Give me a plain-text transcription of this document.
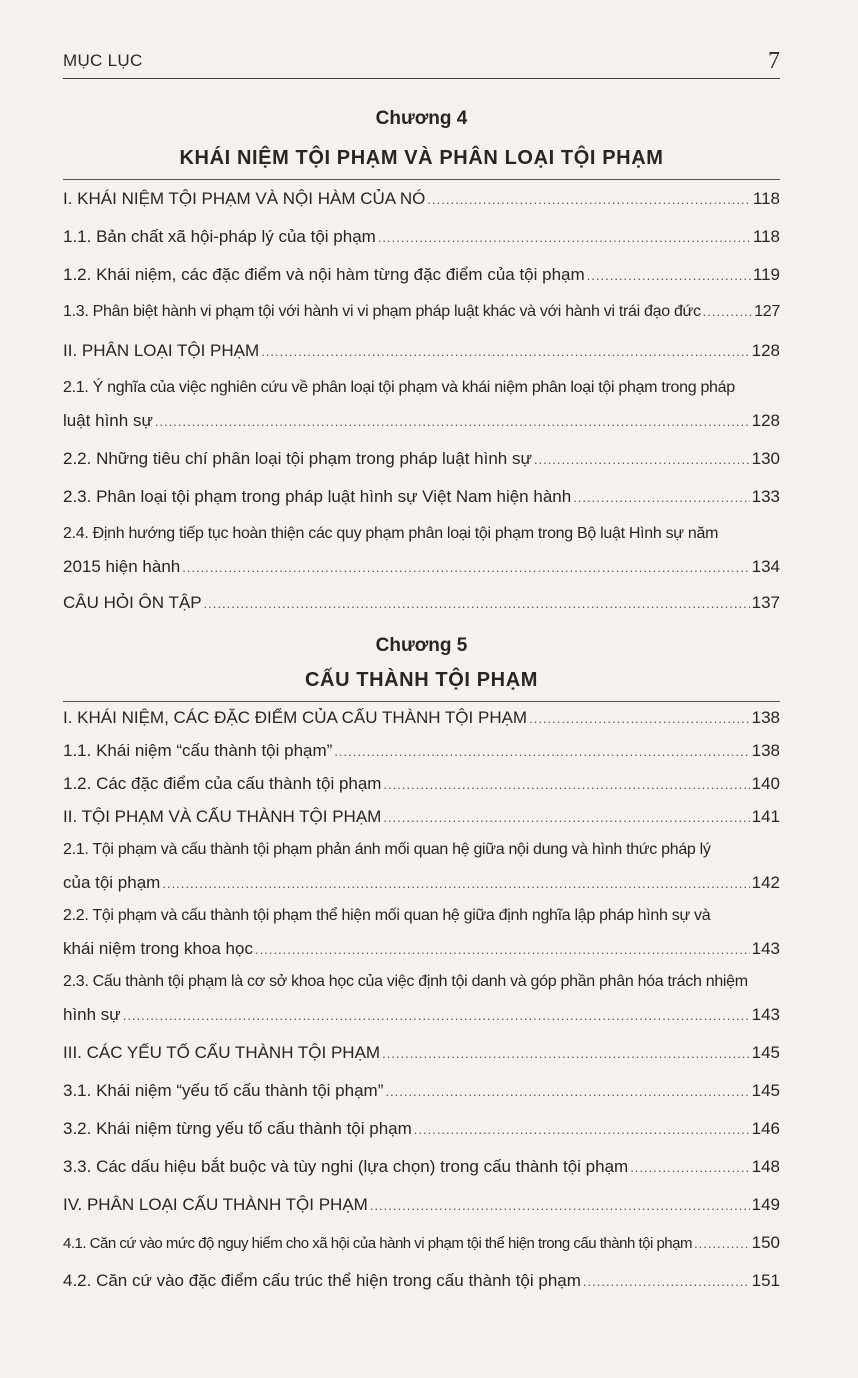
MỤC LỤC	7
Chương 4
KHÁI NIỆM TỘI PHẠM VÀ PHÂN LOẠI TỘI PHẠM
I. KHÁI NIỆM TỘI PHẠM VÀ NỘI HÀM CỦA NÓ .....	118
1.1. Bản chất xã hội-pháp lý của tội phạm .....	118
1.2. Khái niệm, các đặc điểm và nội hàm từng đặc điểm của tội phạm .....	119
1.3. Phân biệt hành vi phạm tội với hành vi vi phạm pháp luật khác và với hành vi trái đạo đức .....	127
II. PHÂN LOẠI TỘI PHẠM .....	128
2.1. Ý nghĩa của việc nghiên cứu về phân loại tội phạm và khái niệm phân loại tội phạm trong pháp
luật hình sự .....	128
2.2. Những tiêu chí phân loại tội phạm trong pháp luật hình sự .....	130
2.3. Phân loại tội phạm trong pháp luật hình sự Việt Nam hiện hành .....	133
2.4. Định hướng tiếp tục hoàn thiện các quy phạm phân loại tội phạm trong Bộ luật Hình sự năm
2015 hiện hành .....	134
CÂU HỎI ÔN TẬP .....	137
Chương 5
CẤU THÀNH TỘI PHẠM
I. KHÁI NIỆM, CÁC ĐẶC ĐIỂM CỦA CẤU THÀNH TỘI PHẠM .....	138
1.1. Khái niệm “cấu thành tội phạm” .....	138
1.2. Các đặc điểm của cấu thành tội phạm .....	140
II. TỘI PHẠM VÀ CẤU THÀNH TỘI PHẠM .....	141
2.1. Tội phạm và cấu thành tội phạm phản ánh mối quan hệ giữa nội dung và hình thức pháp lý
của tội phạm .....	142
2.2. Tội phạm và cấu thành tội phạm thể hiện mối quan hệ giữa định nghĩa lập pháp hình sự và
khái niệm trong khoa học .....	143
2.3. Cấu thành tội phạm là cơ sở khoa học của việc định tội danh và góp phần phân hóa trách nhiệm
hình sự .....	143
III. CÁC YẾU TỐ CẤU THÀNH TỘI PHẠM .....	145
3.1. Khái niệm “yếu tố cấu thành tội phạm” .....	145
3.2. Khái niệm từng yếu tố cấu thành tội phạm .....	146
3.3. Các dấu hiệu bắt buộc và tùy nghi (lựa chọn) trong cấu thành tội phạm .....	148
IV. PHÂN LOẠI CẤU THÀNH TỘI PHẠM .....	149
4.1. Căn cứ vào mức độ nguy hiểm cho xã hội của hành vi phạm tội thể hiện trong cấu thành tội phạm .....	150
4.2. Căn cứ vào đặc điểm cấu trúc thể hiện trong cấu thành tội phạm .....	151
